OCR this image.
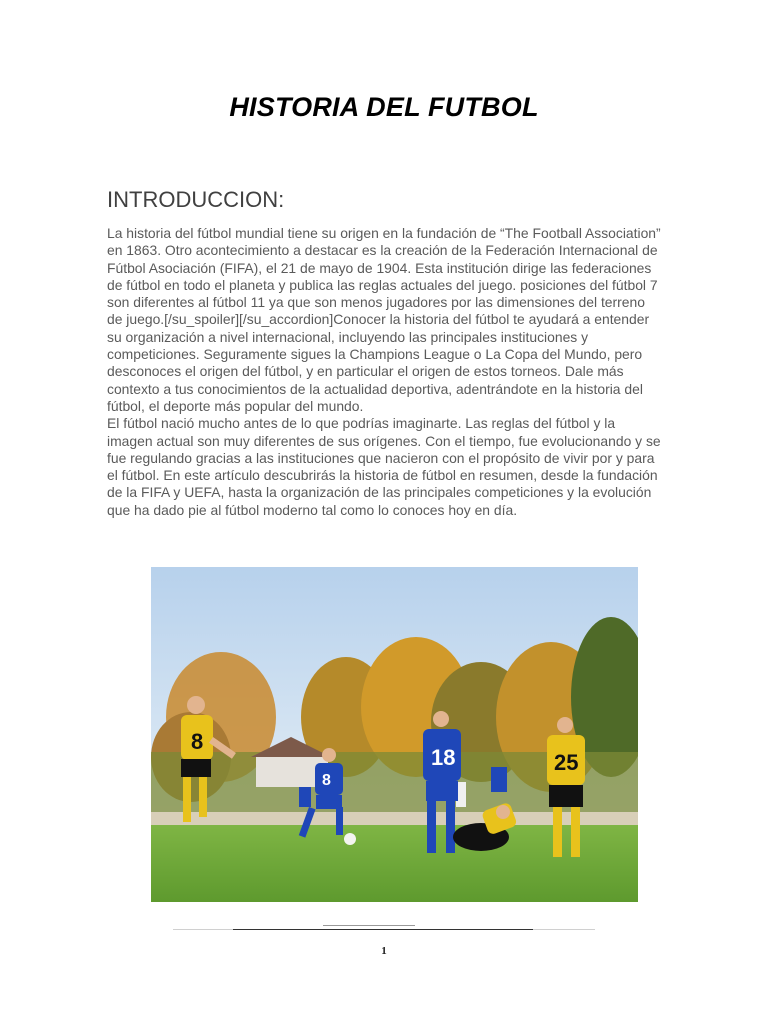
HISTORIA DEL FUTBOL
INTRODUCCION:

La historia del fútbol mundial tiene su origen en la fundación de “The Football Association” en 1863. Otro acontecimiento a destacar es la creación de la Federación Internacional de Fútbol Asociación (FIFA), el 21 de mayo de 1904. Esta institución dirige las federaciones de fútbol en todo el planeta y publica las reglas actuales del juego. posiciones del fútbol 7 son diferentes al fútbol 11 ya que son menos jugadores por las dimensiones del terreno de juego.[/su_spoiler][/su_accordion]Conocer la historia del fútbol te ayudará a entender su organización a nivel internacional, incluyendo las principales instituciones y competiciones. Seguramente sigues la Champions League o La Copa del Mundo, pero desconoces el origen del fútbol, y en particular el origen de estos torneos. Dale más contexto a tus conocimientos de la actualidad deportiva, adentrándote en la historia del fútbol, el deporte más popular del mundo.

El fútbol nació mucho antes de lo que podrías imaginarte. Las reglas del fútbol y la imagen actual son muy diferentes de sus orígenes. Con el tiempo, fue evolucionando y se fue regulando gracias a las instituciones que nacieron con el propósito de vivir por y para el fútbol. En este artículo descubrirás la historia de fútbol en resumen, desde la fundación de la FIFA y UEFA, hasta la organización de las principales competiciones y la evolución que ha dado pie al fútbol moderno tal como lo conoces hoy en día.

8
8
18	25
1
